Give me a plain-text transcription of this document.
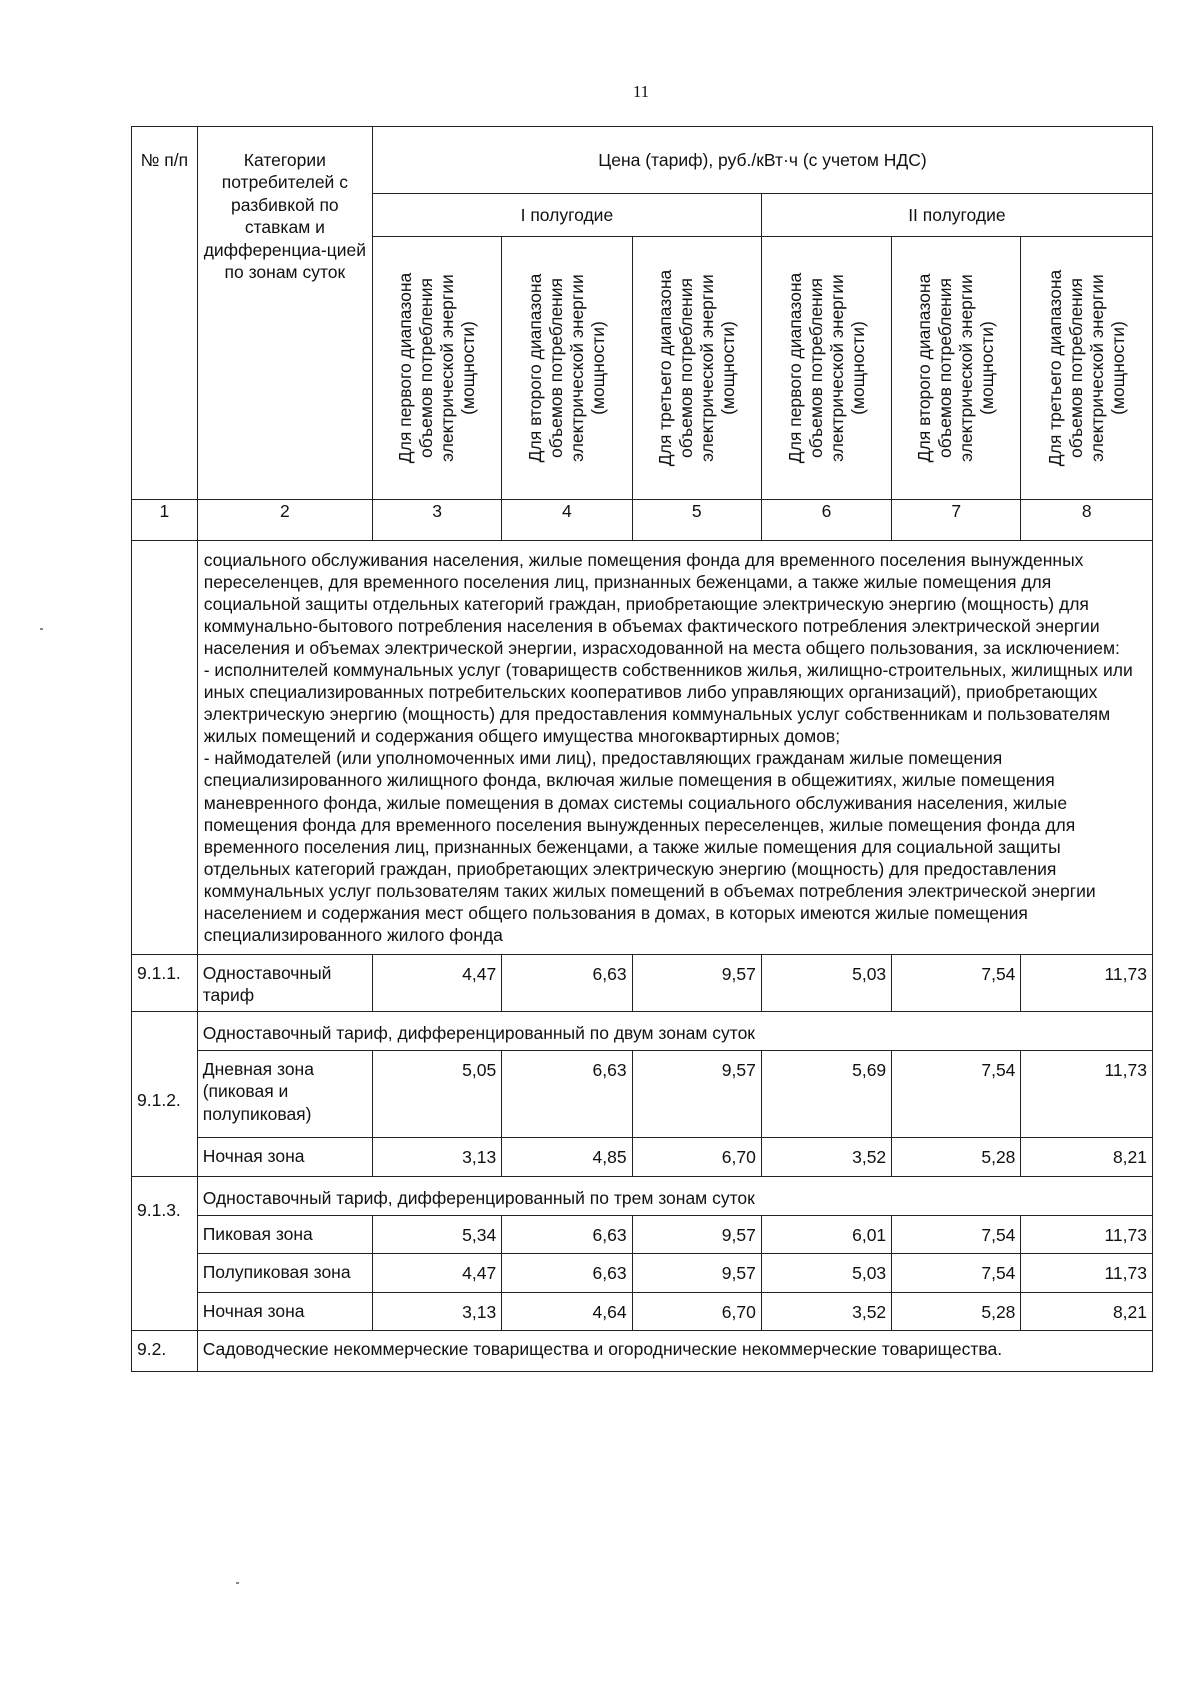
11
№ п/п	Категории потребителей с разбивкой по ставкам и дифференциа-цией по зонам суток	Цена (тариф), руб./кВт·ч (с учетом НДС)					
		I полугодие			II полугодие		

		Для первого диапазона объемов потребления электрической энергии (мощности)	Для второго диапазона объемов потребления электрической энергии (мощности)	Для третьего диапазона объемов потребления электрической энергии (мощности)	Для первого диапазона объемов потребления электрической энергии (мощности)	Для второго диапазона объемов потребления электрической энергии (мощности)	Для третьего диапазона объемов потребления электрической энергии (мощности)

1	2	3	4	5	6	7	8
	социального обслуживания населения, жилые помещения фонда для временного поселения вынужденных переселенцев, для временного поселения лиц, признанных беженцами, а также жилые помещения для социальной защиты отдельных категорий граждан, приобретающие электрическую энергию (мощность) для коммунально-бытового потребления населения в объемах фактического потребления электрической энергии населения и объемах электрической энергии, израсходованной на места общего пользования, за исключением:
- исполнителей коммунальных услуг (товариществ собственников жилья, жилищно-строительных, жилищных или иных специализированных потребительских кооперативов либо управляющих организаций), приобретающих электрическую энергию (мощность) для предоставления коммунальных услуг собственникам и пользователям жилых помещений и содержания общего имущества многоквартирных домов;
- наймодателей (или уполномоченных ими лиц), предоставляющих гражданам жилые помещения специализированного жилищного фонда, включая жилые помещения в общежитиях, жилые помещения маневренного фонда, жилые помещения в домах системы социального обслуживания населения, жилые помещения фонда для временного поселения вынужденных переселенцев, жилые помещения фонда для временного поселения лиц, признанных беженцами, а также жилые помещения для социальной защиты отдельных категорий граждан, приобретающих электрическую энергию (мощность) для предоставления коммунальных услуг пользователям таких жилых помещений в объемах потребления электрической энергии населением и содержания мест общего пользования в домах, в которых имеются жилые помещения специализированного жилого фонда						
9.1.1.	Одноставочный тариф	4,47	6,63	9,57	5,03	7,54	11,73
9.1.2.	Одноставочный тариф, дифференцированный по двум зонам суток						
	Дневная зона (пиковая и полупиковая)	5,05	6,63	9,57	5,69	7,54	11,73
	Ночная зона	3,13	4,85	6,70	3,52	5,28	8,21
9.1.3.	Одноставочный тариф, дифференцированный по трем зонам суток						
	Пиковая зона	5,34	6,63	9,57	6,01	7,54	11,73
	Полупиковая зона	4,47	6,63	9,57	5,03	7,54	11,73
	Ночная зона	3,13	4,64	6,70	3,52	5,28	8,21
9.2.	Садоводческие некоммерческие товарищества и огороднические некоммерческие товарищества.						
